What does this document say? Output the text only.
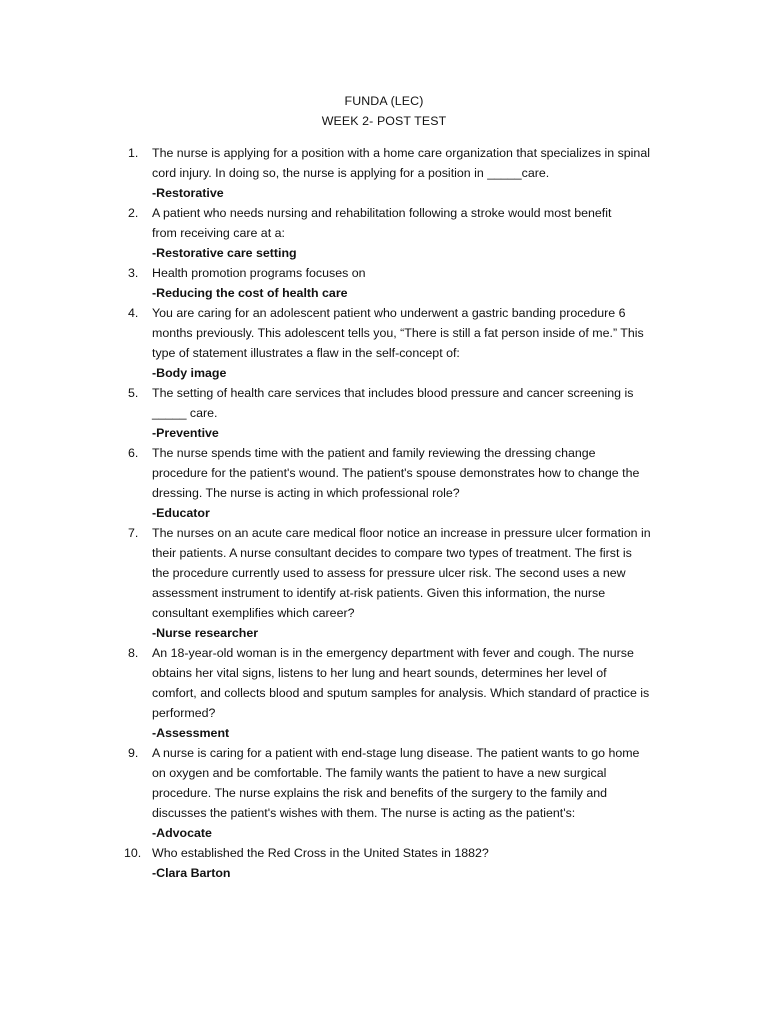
FUNDA (LEC)
WEEK 2- POST TEST
1.	The nurse is applying for a position with a home care organization that specializes in spinal
cord injury. In doing so, the nurse is applying for a position in _____care.
-Restorative
2.	A patient who needs nursing and rehabilitation following a stroke would most benefit
from receiving care at a:
-Restorative care setting
3.	Health promotion programs focuses on
-Reducing the cost of health care
4.	You are caring for an adolescent patient who underwent a gastric banding procedure 6
months previously. This adolescent tells you, “There is still a fat person inside of me.” This
type of statement illustrates a flaw in the self-concept of:
-Body image
5.	The setting of health care services that includes blood pressure and cancer screening is
_____ care.
-Preventive
6.	The nurse spends time with the patient and family reviewing the dressing change
procedure for the patient's wound. The patient's spouse demonstrates how to change the
dressing. The nurse is acting in which professional role?
-Educator
7.	The nurses on an acute care medical floor notice an increase in pressure ulcer formation in
their patients. A nurse consultant decides to compare two types of treatment. The first is
the procedure currently used to assess for pressure ulcer risk. The second uses a new
assessment instrument to identify at-risk patients. Given this information, the nurse
consultant exemplifies which career?
-Nurse researcher
8.	An 18-year-old woman is in the emergency department with fever and cough. The nurse
obtains her vital signs, listens to her lung and heart sounds, determines her level of
comfort, and collects blood and sputum samples for analysis. Which standard of practice is
performed?
-Assessment
9.	A nurse is caring for a patient with end-stage lung disease. The patient wants to go home
on oxygen and be comfortable. The family wants the patient to have a new surgical
procedure. The nurse explains the risk and benefits of the surgery to the family and
discusses the patient's wishes with them. The nurse is acting as the patient's:
-Advocate
10. Who established the Red Cross in the United States in 1882?
-Clara Barton
